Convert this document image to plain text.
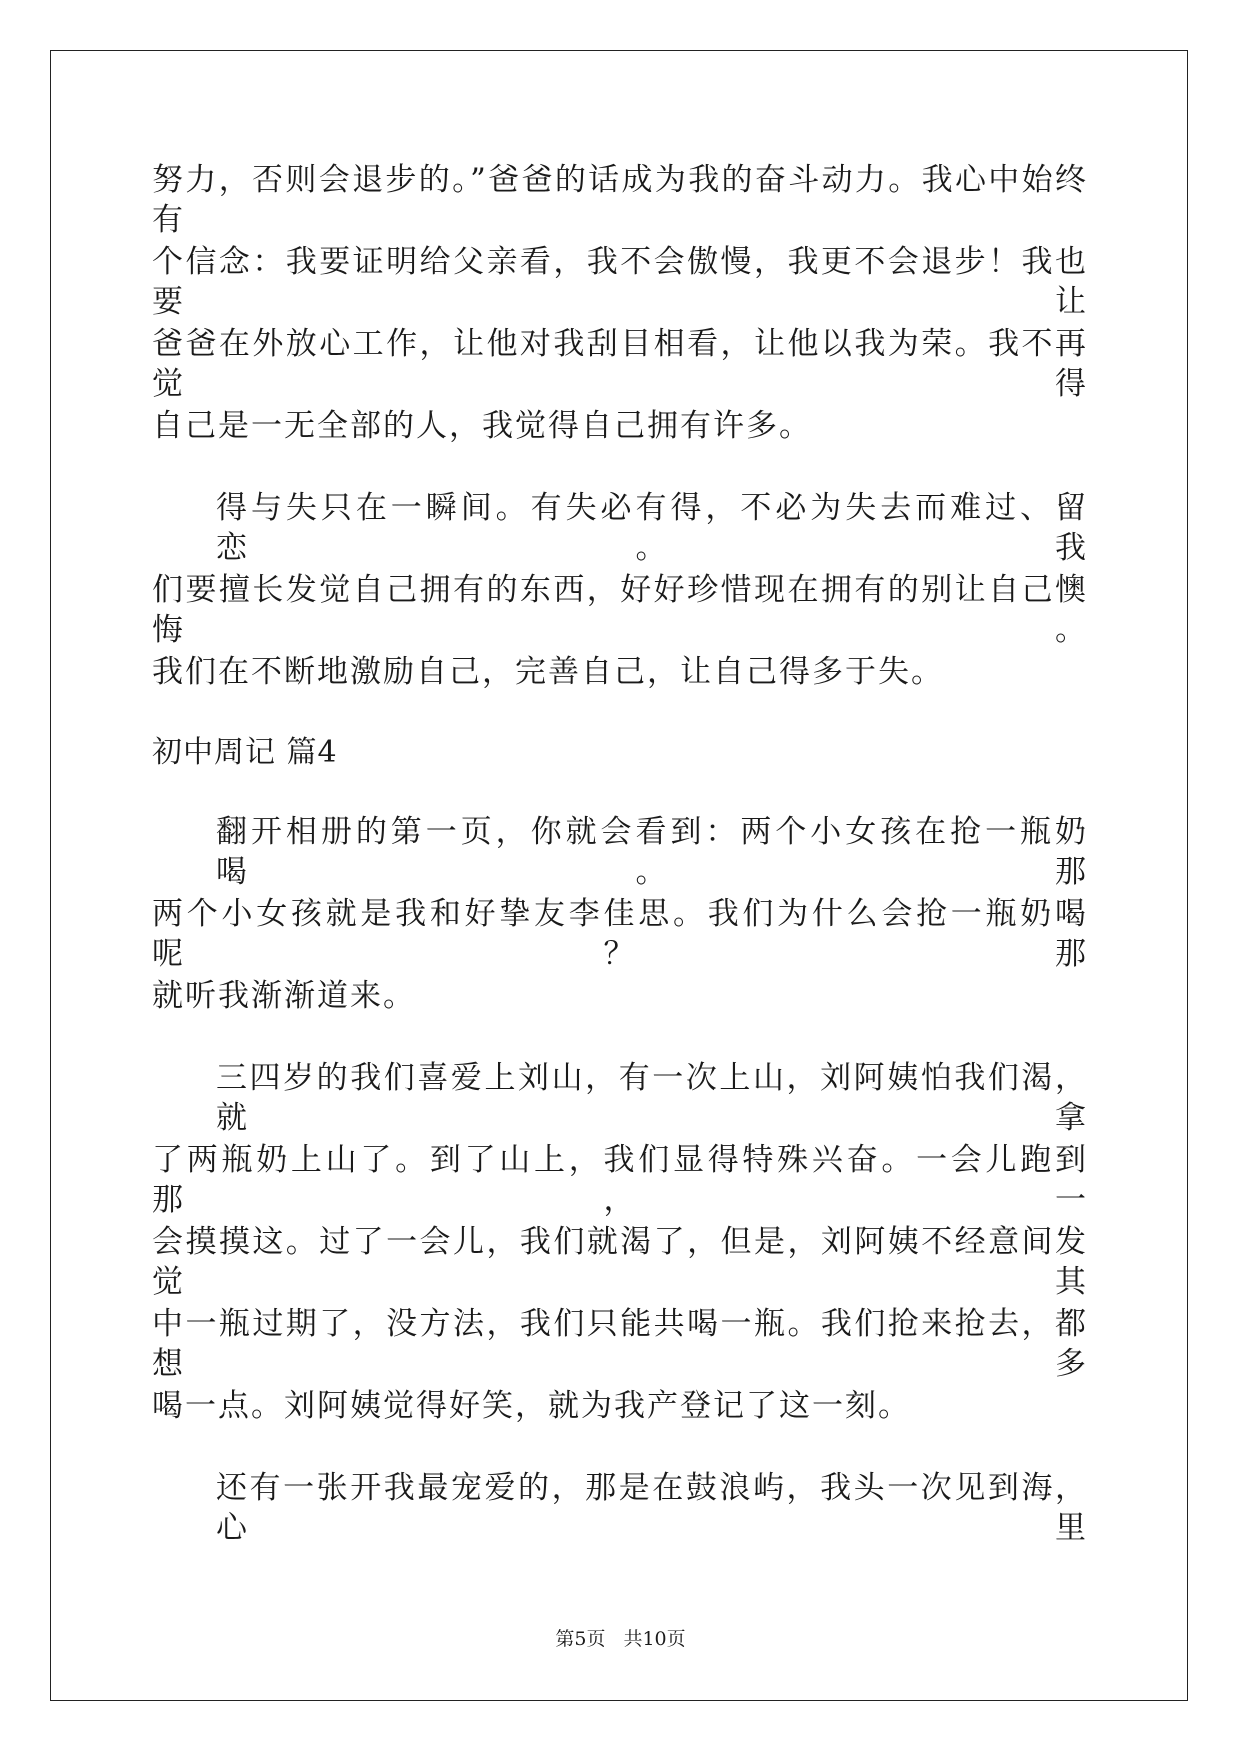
努力，否则会退步的。”爸爸的话成为我的奋斗动力。我心中始终有
个信念：我要证明给父亲看，我不会傲慢，我更不会退步！我也要让
爸爸在外放心工作，让他对我刮目相看，让他以我为荣。我不再觉得
自己是一无全部的人，我觉得自己拥有许多。
得与失只在一瞬间。有失必有得，不必为失去而难过、留恋。我
们要擅长发觉自己拥有的东西，好好珍惜现在拥有的别让自己懊悔。
我们在不断地激励自己，完善自己，让自己得多于失。
初中周记 篇4
翻开相册的第一页，你就会看到：两个小女孩在抢一瓶奶喝。那
两个小女孩就是我和好挚友李佳思。我们为什么会抢一瓶奶喝呢？那
就听我渐渐道来。
三四岁的我们喜爱上刘山，有一次上山，刘阿姨怕我们渴，就拿
了两瓶奶上山了。到了山上，我们显得特殊兴奋。一会儿跑到那，一
会摸摸这。过了一会儿，我们就渴了，但是，刘阿姨不经意间发觉其
中一瓶过期了，没方法，我们只能共喝一瓶。我们抢来抢去，都想多
喝一点。刘阿姨觉得好笑，就为我产登记了这一刻。
还有一张开我最宠爱的，那是在鼓浪屿，我头一次见到海，心里
第5页 共10页
